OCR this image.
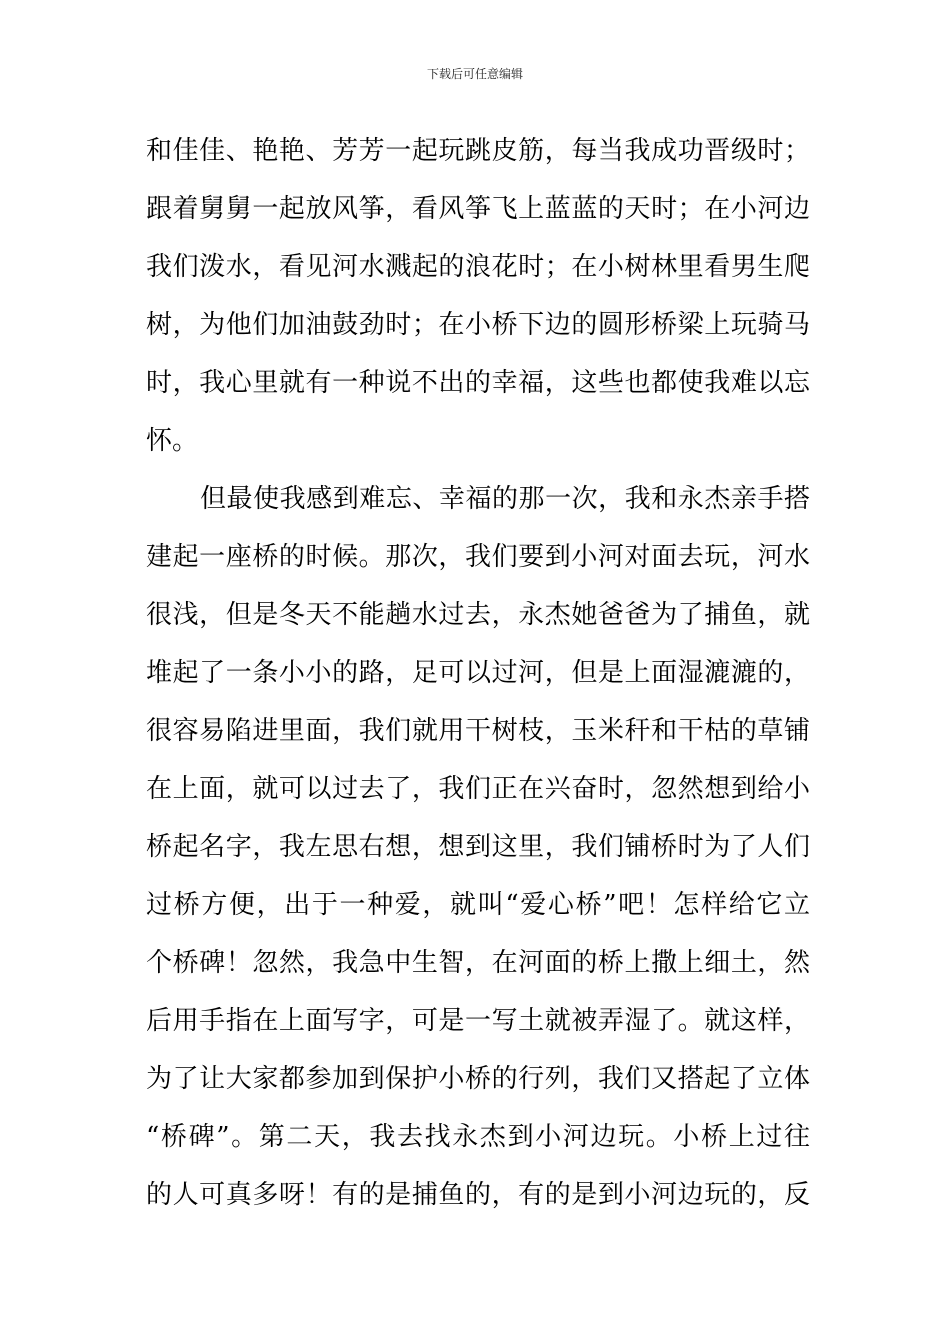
下载后可任意编辑
和佳佳、艳艳、芳芳一起玩跳皮筋，每当我成功晋级时；
跟着舅舅一起放风筝，看风筝飞上蓝蓝的天时；在小河边
我们泼水，看见河水溅起的浪花时；在小树林里看男生爬
树，为他们加油鼓劲时；在小桥下边的圆形桥梁上玩骑马
时，我心里就有一种说不出的幸福，这些也都使我难以忘
怀。
但最使我感到难忘、幸福的那一次，我和永杰亲手搭
建起一座桥的时候。那次，我们要到小河对面去玩，河水
很浅，但是冬天不能趟水过去，永杰她爸爸为了捕鱼，就
堆起了一条小小的路，足可以过河，但是上面湿漉漉的，
很容易陷进里面，我们就用干树枝，玉米秆和干枯的草铺
在上面，就可以过去了，我们正在兴奋时，忽然想到给小
桥起名字，我左思右想，想到这里，我们铺桥时为了人们
过桥方便，出于一种爱，就叫“爱心桥”吧！怎样给它立
个桥碑！忽然，我急中生智，在河面的桥上撒上细土，然
后用手指在上面写字，可是一写土就被弄湿了。就这样，
为了让大家都参加到保护小桥的行列，我们又搭起了立体
“桥碑”。第二天，我去找永杰到小河边玩。小桥上过往
的人可真多呀！有的是捕鱼的，有的是到小河边玩的，反
